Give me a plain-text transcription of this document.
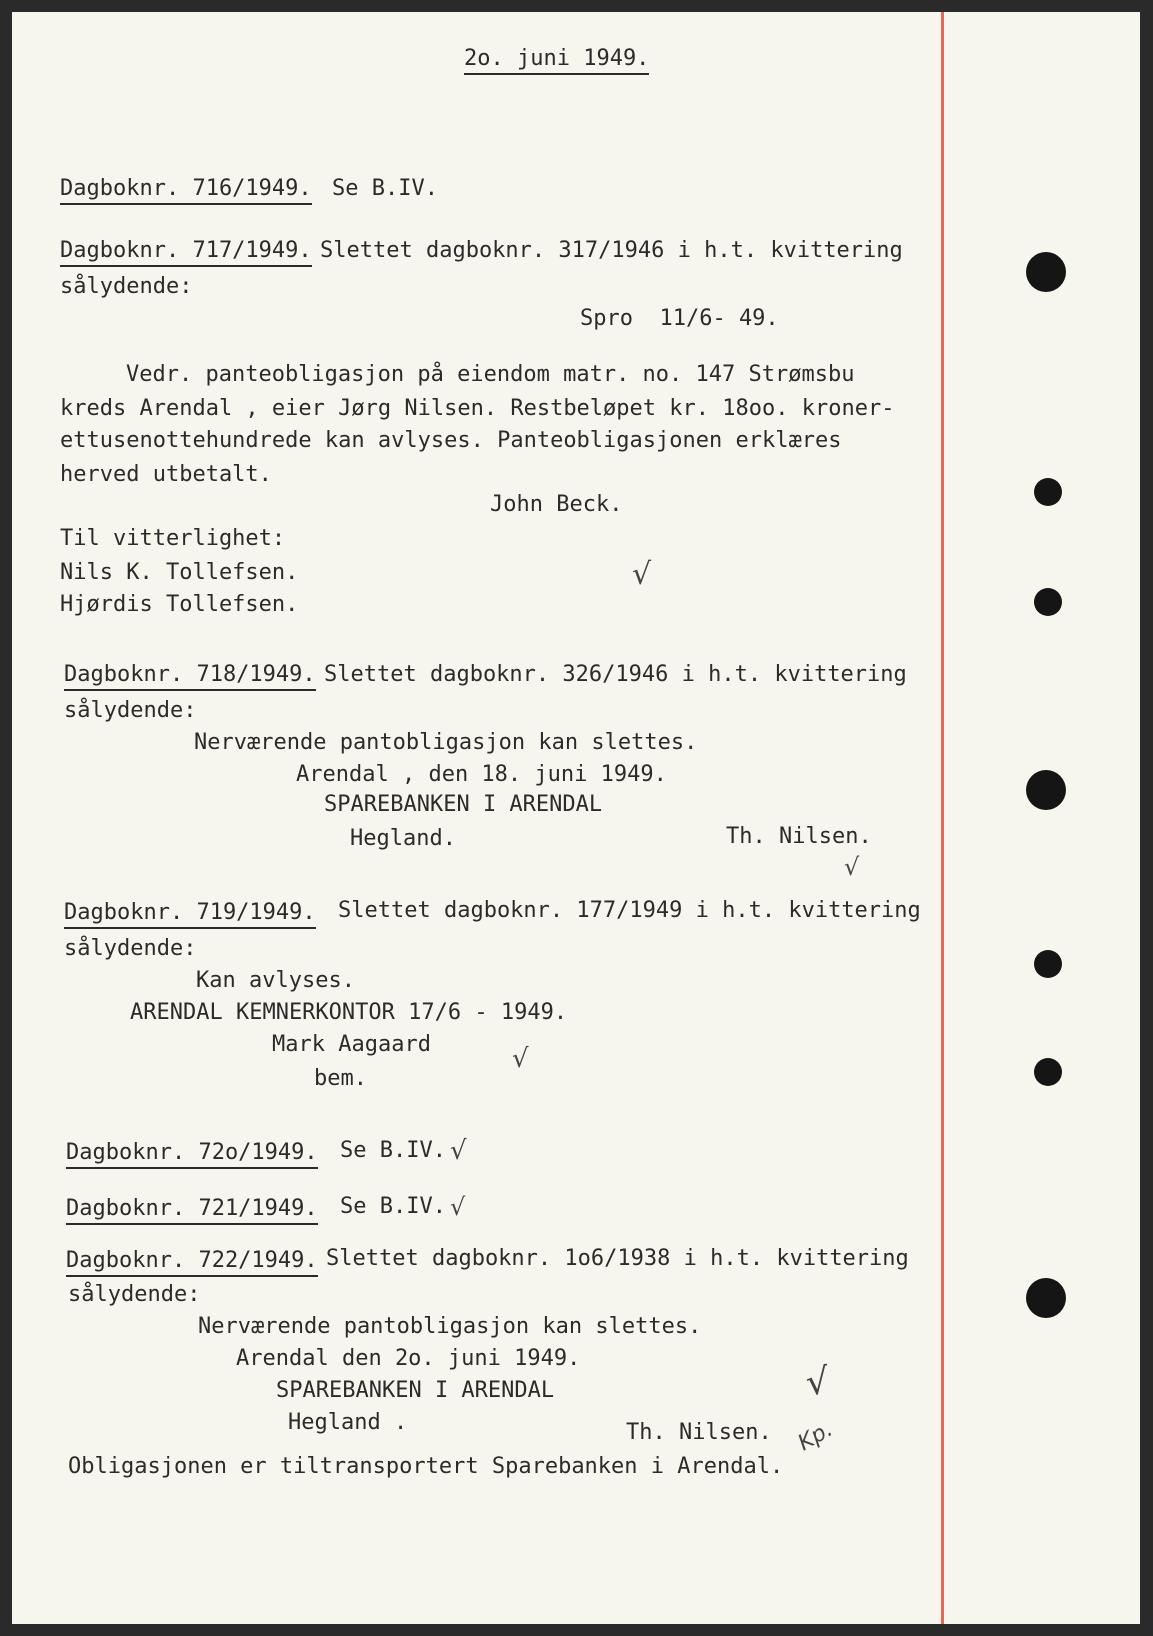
2o. juni 1949.
Dagboknr. 716/1949. Se B.IV.
Dagboknr. 717/1949. Slettet dagboknr. 317/1946 i h.t. kvittering
sålydende:
Spro  11/6- 49.
Vedr. panteobligasjon på eiendom matr. no. 147 Strømsbu
kreds Arendal , eier Jørg Nilsen. Restbeløpet kr. 18oo. kroner-
ettusenottehundrede kan avlyses. Panteobligasjonen erklæres
herved utbetalt.
John Beck.
Til vitterlighet:
Nils K. Tollefsen.
Hjørdis Tollefsen.
√
Dagboknr. 718/1949. Slettet dagboknr. 326/1946 i h.t. kvittering
sålydende:
Nerværende pantobligasjon kan slettes.
Arendal , den 18. juni 1949.
SPAREBANKEN I ARENDAL
Hegland.	Th. Nilsen.
√
Dagboknr. 719/1949. Slettet dagboknr. 177/1949 i h.t. kvittering
sålydende:
Kan avlyses.
ARENDAL KEMNERKONTOR 17/6 - 1949.
Mark Aagaard
bem.
√
Dagboknr. 72o/1949. Se B.IV. √
Dagboknr. 721/1949. Se B.IV. √
Dagboknr. 722/1949. Slettet dagboknr. 1o6/1938 i h.t. kvittering
sålydende:
Nerværende pantobligasjon kan slettes.
Arendal den 2o. juni 1949.
SPAREBANKEN I ARENDAL
Hegland .	Th. Nilsen.
Obligasjonen er tiltransportert Sparebanken i Arendal.
√
Kp.
